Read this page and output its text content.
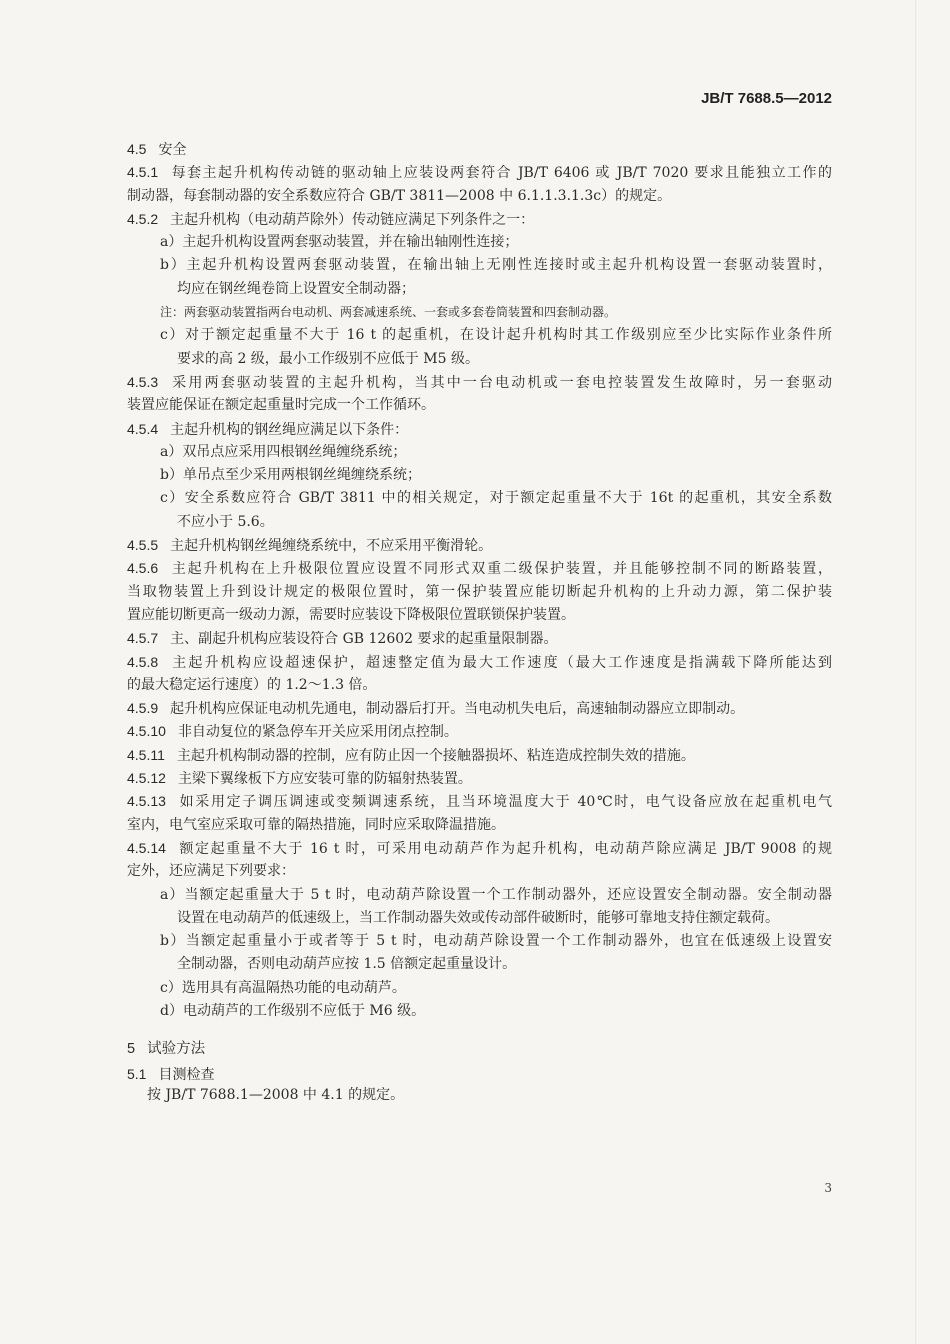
JB/T 7688.5—2012
4.5 安全
4.5.1 每套主起升机构传动链的驱动轴上应装设两套符合 JB/T 6406 或 JB/T 7020 要求且能独立工作的
制动器，每套制动器的安全系数应符合 GB/T 3811—2008 中 6.1.1.3.1.3c）的规定。
4.5.2 主起升机构（电动葫芦除外）传动链应满足下列条件之一：
a）主起升机构设置两套驱动装置，并在输出轴刚性连接；
b）主起升机构设置两套驱动装置，在输出轴上无刚性连接时或主起升机构设置一套驱动装置时，
均应在钢丝绳卷筒上设置安全制动器；
注：两套驱动装置指两台电动机、两套减速系统、一套或多套卷筒装置和四套制动器。
c）对于额定起重量不大于 16 t 的起重机，在设计起升机构时其工作级别应至少比实际作业条件所
要求的高 2 级，最小工作级别不应低于 M5 级。
4.5.3 采用两套驱动装置的主起升机构，当其中一台电动机或一套电控装置发生故障时，另一套驱动
装置应能保证在额定起重量时完成一个工作循环。
4.5.4 主起升机构的钢丝绳应满足以下条件：
a）双吊点应采用四根钢丝绳缠绕系统；
b）单吊点至少采用两根钢丝绳缠绕系统；
c）安全系数应符合 GB/T 3811 中的相关规定，对于额定起重量不大于 16t 的起重机，其安全系数
不应小于 5.6。
4.5.5 主起升机构钢丝绳缠绕系统中，不应采用平衡滑轮。
4.5.6 主起升机构在上升极限位置应设置不同形式双重二级保护装置，并且能够控制不同的断路装置，
当取物装置上升到设计规定的极限位置时，第一保护装置应能切断起升机构的上升动力源，第二保护装
置应能切断更高一级动力源，需要时应装设下降极限位置联锁保护装置。
4.5.7 主、副起升机构应装设符合 GB 12602 要求的起重量限制器。
4.5.8 主起升机构应设超速保护，超速整定值为最大工作速度（最大工作速度是指满载下降所能达到
的最大稳定运行速度）的 1.2～1.3 倍。
4.5.9 起升机构应保证电动机先通电，制动器后打开。当电动机失电后，高速轴制动器应立即制动。
4.5.10 非自动复位的紧急停车开关应采用闭点控制。
4.5.11 主起升机构制动器的控制，应有防止因一个接触器损坏、粘连造成控制失效的措施。
4.5.12 主梁下翼缘板下方应安装可靠的防辐射热装置。
4.5.13 如采用定子调压调速或变频调速系统，且当环境温度大于 40℃时，电气设备应放在起重机电气
室内，电气室应采取可靠的隔热措施，同时应采取降温措施。
4.5.14 额定起重量不大于 16 t 时，可采用电动葫芦作为起升机构，电动葫芦除应满足 JB/T 9008 的规
定外，还应满足下列要求：
a）当额定起重量大于 5 t 时，电动葫芦除设置一个工作制动器外，还应设置安全制动器。安全制动器
设置在电动葫芦的低速级上，当工作制动器失效或传动部件破断时，能够可靠地支持住额定载荷。
b）当额定起重量小于或者等于 5 t 时，电动葫芦除设置一个工作制动器外，也宜在低速级上设置安
全制动器，否则电动葫芦应按 1.5 倍额定起重量设计。
c）选用具有高温隔热功能的电动葫芦。
d）电动葫芦的工作级别不应低于 M6 级。
5 试验方法
5.1 目测检查
按 JB/T 7688.1—2008 中 4.1 的规定。
3
